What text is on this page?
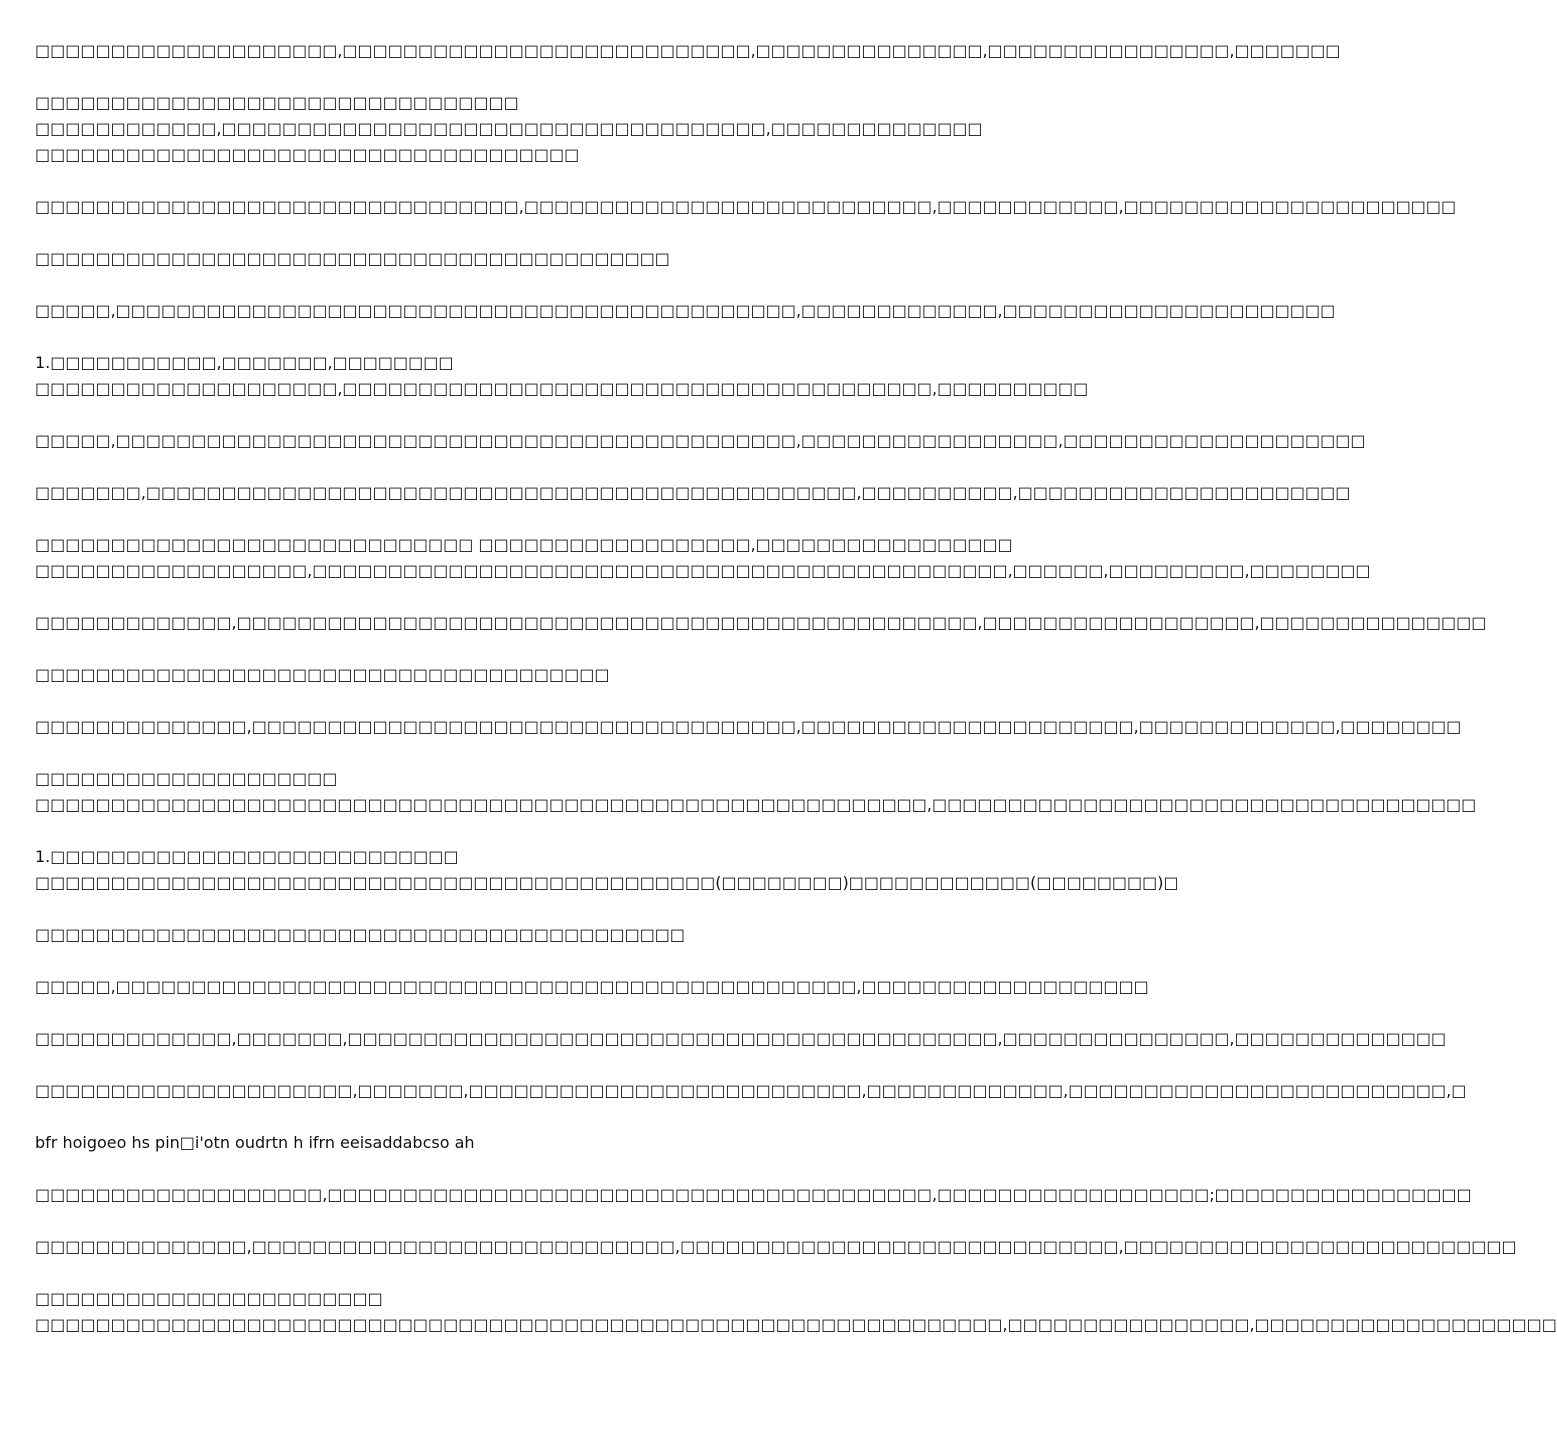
□□□□□□□□□□□□□□□□□□□□,□□□□□□□□□□□□□□□□□□□□□□□□□□□,□□□□□□□□□□□□□□□,□□□□□□□□□□□□□□□□,□□□□□□□
□□□□□□□□□□□□□□□□□□□□□□□□□□□□□□□□
□□□□□□□□□□□□,□□□□□□□□□□□□□□□□□□□□□□□□□□□□□□□□□□□□,□□□□□□□□□□□□□□
□□□□□□□□□□□□□□□□□□□□□□□□□□□□□□□□□□□□
□□□□□□□□□□□□□□□□□□□□□□□□□□□□□□□□,□□□□□□□□□□□□□□□□□□□□□□□□□□□,□□□□□□□□□□□□,□□□□□□□□□□□□□□□□□□□□□□
□□□□□□□□□□□□□□□□□□□□□□□□□□□□□□□□□□□□□□□□□□
□□□□□,□□□□□□□□□□□□□□□□□□□□□□□□□□□□□□□□□□□□□□□□□□□□□,□□□□□□□□□□□□□,□□□□□□□□□□□□□□□□□□□□□□
1.□□□□□□□□□□□,□□□□□□□,□□□□□□□□
□□□□□□□□□□□□□□□□□□□□,□□□□□□□□□□□□□□□□□□□□□□□□□□□□□□□□□□□□□□□,□□□□□□□□□□
□□□□□,□□□□□□□□□□□□□□□□□□□□□□□□□□□□□□□□□□□□□□□□□□□□□,□□□□□□□□□□□□□□□□□,□□□□□□□□□□□□□□□□□□□□
□□□□□□□,□□□□□□□□□□□□□□□□□□□□□□□□□□□□□□□□□□□□□□□□□□□□□□□,□□□□□□□□□□,□□□□□□□□□□□□□□□□□□□□□□
□□□□□□□□□□□□□□□□□□□□□□□□□□□□□ □□□□□□□□□□□□□□□□□□,□□□□□□□□□□□□□□□□□
□□□□□□□□□□□□□□□□□□,□□□□□□□□□□□□□□□□□□□□□□□□□□□□□□□□□□□□□□□□□□□□□□,□□□□□□,□□□□□□□□□,□□□□□□□□
□□□□□□□□□□□□□,□□□□□□□□□□□□□□□□□□□□□□□□□□□□□□□□□□□□□□□□□□□□□□□□□,□□□□□□□□□□□□□□□□□□,□□□□□□□□□□□□□□□
□□□□□□□□□□□□□□□□□□□□□□□□□□□□□□□□□□□□□□
□□□□□□□□□□□□□□,□□□□□□□□□□□□□□□□□□□□□□□□□□□□□□□□□□□□,□□□□□□□□□□□□□□□□□□□□□□,□□□□□□□□□□□□□,□□□□□□□□
□□□□□□□□□□□□□□□□□□□□
□□□□□□□□□□□□□□□□□□□□□□□□□□□□□□□□□□□□□□□□□□□□□□□□□□□□□□□□□□□,□□□□□□□□□□□□□□□□□□□□□□□□□□□□□□□□□□□□
1.□□□□□□□□□□□□□□□□□□□□□□□□□□□
□□□□□□□□□□□□□□□□□□□□□□□□□□□□□□□□□□□□□□□□□□□□□(□□□□□□□□)□□□□□□□□□□□□(□□□□□□□□)□
□□□□□□□□□□□□□□□□□□□□□□□□□□□□□□□□□□□□□□□□□□□
□□□□□,□□□□□□□□□□□□□□□□□□□□□□□□□□□□□□□□□□□□□□□□□□□□□□□□□,□□□□□□□□□□□□□□□□□□□
□□□□□□□□□□□□□,□□□□□□□,□□□□□□□□□□□□□□□□□□□□□□□□□□□□□□□□□□□□□□□□□□□,□□□□□□□□□□□□□□□,□□□□□□□□□□□□□□
□□□□□□□□□□□□□□□□□□□□□,□□□□□□□,□□□□□□□□□□□□□□□□□□□□□□□□□□,□□□□□□□□□□□□□,□□□□□□□□□□□□□□□□□□□□□□□□□,□
bfr hoigoeo hs pin□i'otn oudrtn h ifrn eeisaddabcso ah
□□□□□□□□□□□□□□□□□□□,□□□□□□□□□□□□□□□□□□□□□□□□□□□□□□□□□□□□□□□□,□□□□□□□□□□□□□□□□□□;□□□□□□□□□□□□□□□□□
□□□□□□□□□□□□□□,□□□□□□□□□□□□□□□□□□□□□□□□□□□□,□□□□□□□□□□□□□□□□□□□□□□□□□□□□□,□□□□□□□□□□□□□□□□□□□□□□□□□□
□□□□□□□□□□□□□□□□□□□□□□□
□□□□□□□□□□□□□□□□□□□□□□□□□□□□□□□□□□□□□□□□□□□□□□□□□□□□□□□□□□□□□□□□,□□□□□□□□□□□□□□□□,□□□□□□□□□□□□□□□□□□□□
